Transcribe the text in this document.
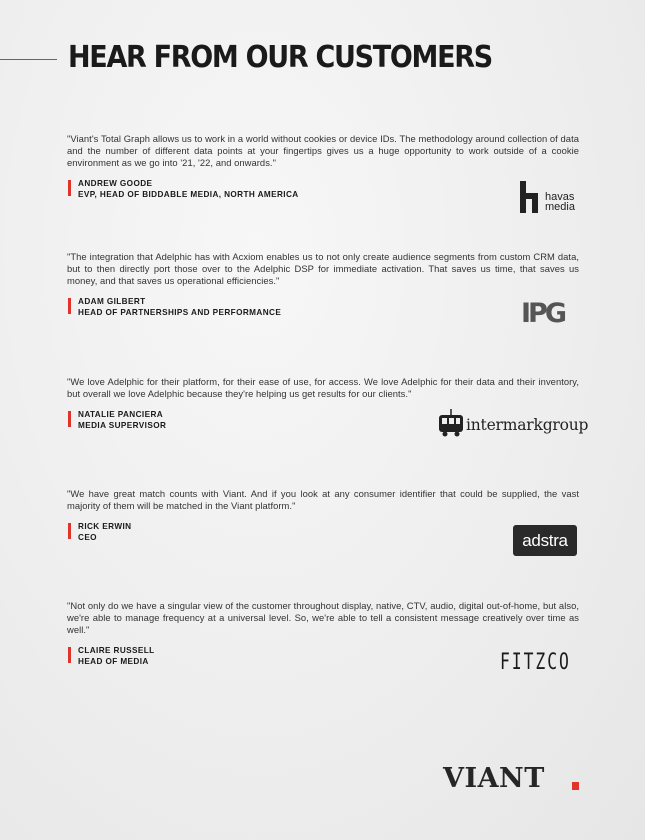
HEAR FROM OUR CUSTOMERS

"Viant's Total Graph allows us to work in a world without cookies or device IDs. The methodology around collection of data and the number of different data points at your fingertips gives us a huge opportunity to work outside of a cookie environment as we go into '21, '22, and onwards."

ANDREW GOODE
EVP, HEAD OF BIDDABLE MEDIA, NORTH AMERICA	havas
media

"The integration that Adelphic has with Acxiom enables us to not only create audience segments from custom CRM data, but to then directly port those over to the Adelphic DSP for immediate activation. That saves us time, that saves us money, and that saves us operational efficiencies."

ADAM GILBERT
HEAD OF PARTNERSHIPS AND PERFORMANCE	IPG

"We love Adelphic for their platform, for their ease of use, for access. We love Adelphic for their data and their inventory, but overall we love Adelphic because they're helping us get results for our clients."

NATALIE PANCIERA
MEDIA SUPERVISOR	intermarkgroup

"We have great match counts with Viant. And if you look at any consumer identifier that could be supplied, the vast majority of them will be matched in the Viant platform."

RICK ERWIN
CEO	adstra

"Not only do we have a singular view of the customer throughout display, native, CTV, audio, digital out-of-home, but also, we're able to manage frequency at a universal level. So, we're able to tell a consistent message creatively over time as well."

CLAIRE RUSSELL
HEAD OF MEDIA	FITZCO
VIANT
